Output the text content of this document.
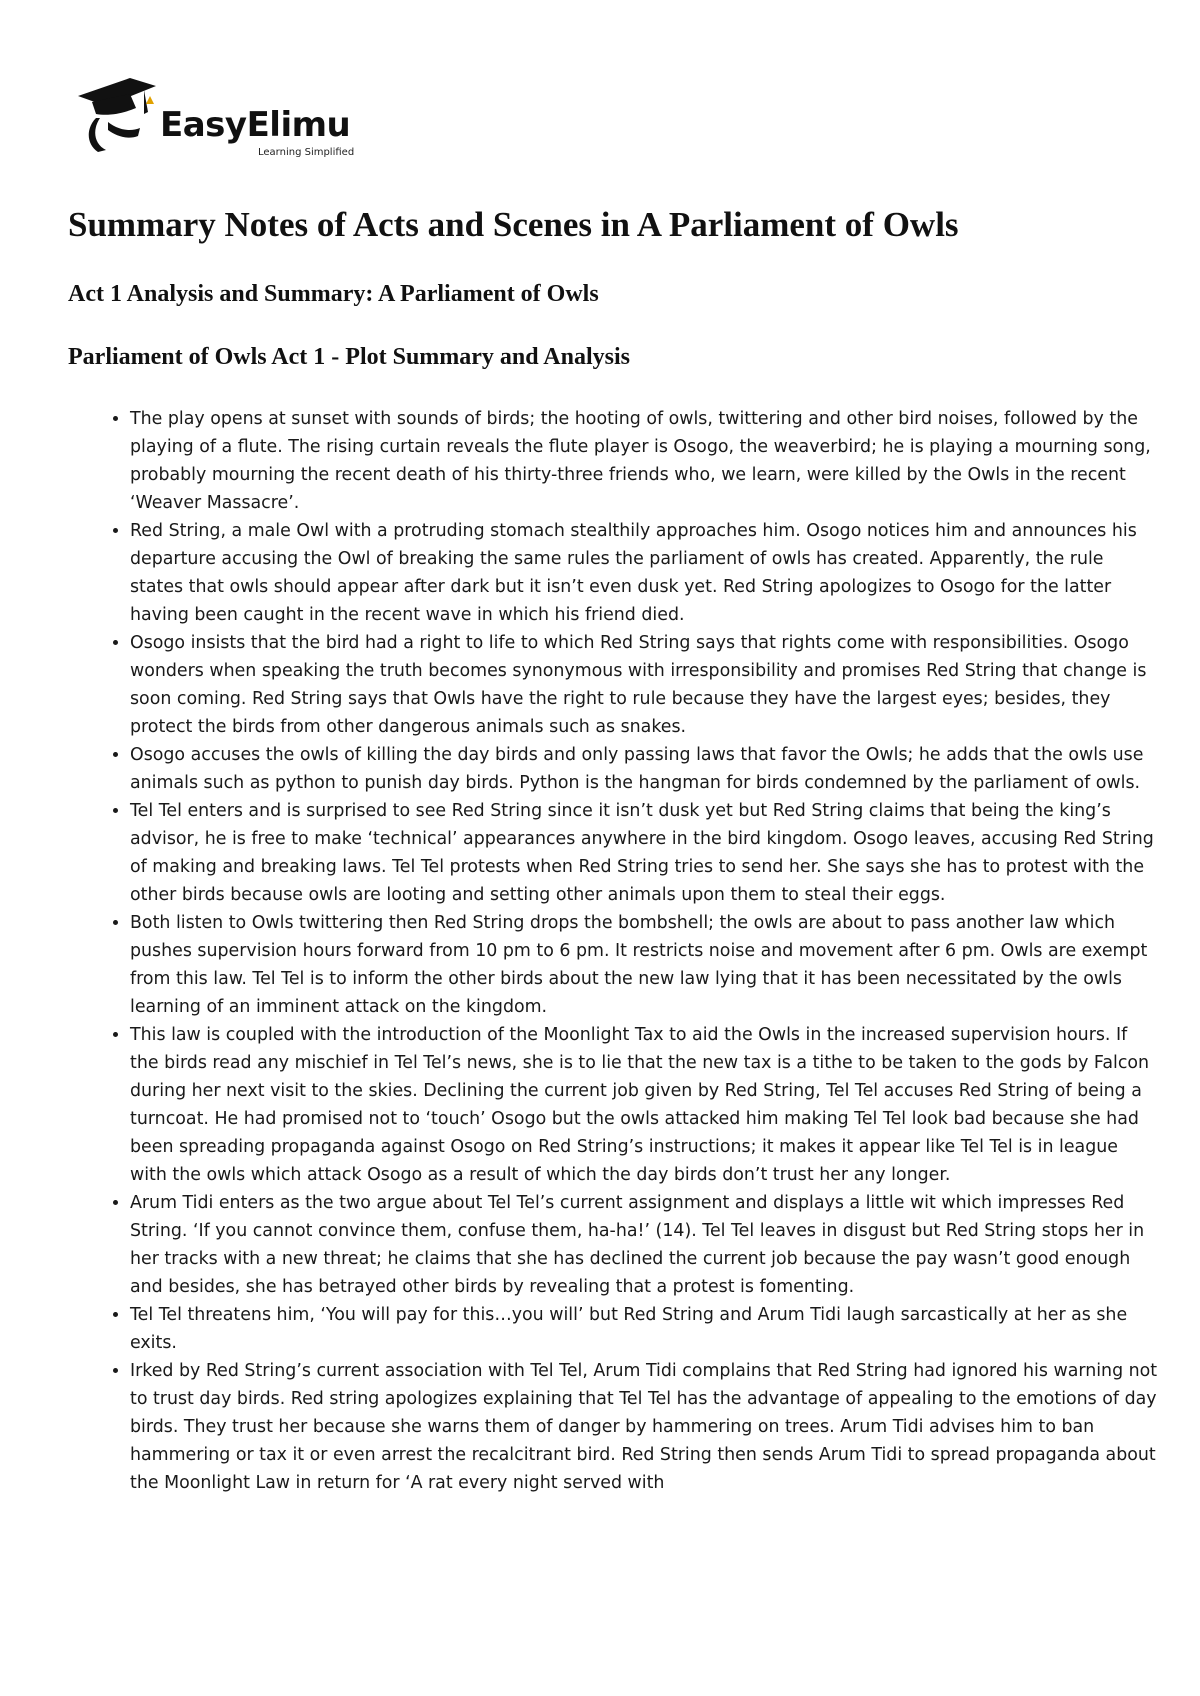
EasyElimu
Learning Simplified
Summary Notes of Acts and Scenes in A Parliament of Owls
Act 1 Analysis and Summary: A Parliament of Owls
Parliament of Owls Act 1 - Plot Summary and Analysis
• The play opens at sunset with sounds of birds; the hooting of owls, twittering and other bird noises, followed by the playing of a flute. The rising curtain reveals the flute player is Osogo, the weaverbird; he is playing a mourning song, probably mourning the recent death of his thirty-three friends who, we learn, were killed by the Owls in the recent ‘Weaver Massacre’.
• Red String, a male Owl with a protruding stomach stealthily approaches him. Osogo notices him and announces his departure accusing the Owl of breaking the same rules the parliament of owls has created. Apparently, the rule states that owls should appear after dark but it isn’t even dusk yet. Red String apologizes to Osogo for the latter having been caught in the recent wave in which his friend died.
• Osogo insists that the bird had a right to life to which Red String says that rights come with responsibilities. Osogo wonders when speaking the truth becomes synonymous with irresponsibility and promises Red String that change is soon coming. Red String says that Owls have the right to rule because they have the largest eyes; besides, they protect the birds from other dangerous animals such as snakes.
• Osogo accuses the owls of killing the day birds and only passing laws that favor the Owls; he adds that the owls use animals such as python to punish day birds. Python is the hangman for birds condemned by the parliament of owls.
• Tel Tel enters and is surprised to see Red String since it isn’t dusk yet but Red String claims that being the king’s advisor, he is free to make ‘technical’ appearances anywhere in the bird kingdom. Osogo leaves, accusing Red String of making and breaking laws. Tel Tel protests when Red String tries to send her. She says she has to protest with the other birds because owls are looting and setting other animals upon them to steal their eggs.
• Both listen to Owls twittering then Red String drops the bombshell; the owls are about to pass another law which pushes supervision hours forward from 10 pm to 6 pm. It restricts noise and movement after 6 pm. Owls are exempt from this law. Tel Tel is to inform the other birds about the new law lying that it has been necessitated by the owls learning of an imminent attack on the kingdom.
• This law is coupled with the introduction of the Moonlight Tax to aid the Owls in the increased supervision hours. If the birds read any mischief in Tel Tel’s news, she is to lie that the new tax is a tithe to be taken to the gods by Falcon during her next visit to the skies. Declining the current job given by Red String, Tel Tel accuses Red String of being a turncoat. He had promised not to ‘touch’ Osogo but the owls attacked him making Tel Tel look bad because she had been spreading propaganda against Osogo on Red String’s instructions; it makes it appear like Tel Tel is in league with the owls which attack Osogo as a result of which the day birds don’t trust her any longer.
• Arum Tidi enters as the two argue about Tel Tel’s current assignment and displays a little wit which impresses Red String. ‘If you cannot convince them, confuse them, ha-ha!’ (14). Tel Tel leaves in disgust but Red String stops her in her tracks with a new threat; he claims that she has declined the current job because the pay wasn’t good enough and besides, she has betrayed other birds by revealing that a protest is fomenting.
• Tel Tel threatens him, ‘You will pay for this…you will’ but Red String and Arum Tidi laugh sarcastically at her as she exits.
• Irked by Red String’s current association with Tel Tel, Arum Tidi complains that Red String had ignored his warning not to trust day birds. Red string apologizes explaining that Tel Tel has the advantage of appealing to the emotions of day birds. They trust her because she warns them of danger by hammering on trees. Arum Tidi advises him to ban hammering or tax it or even arrest the recalcitrant bird. Red String then sends Arum Tidi to spread propaganda about the Moonlight Law in return for ‘A rat every night served with
